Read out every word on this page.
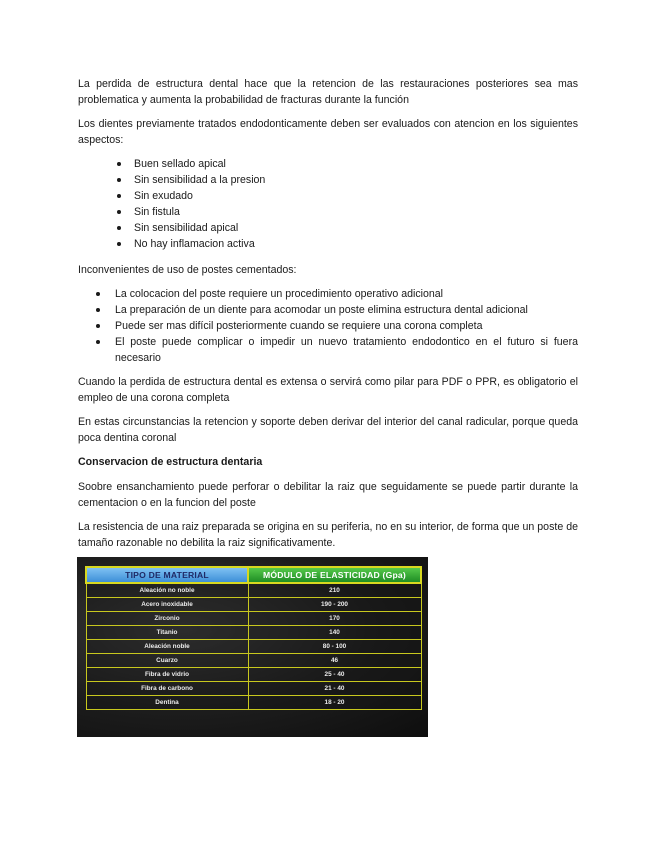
La perdida de estructura dental hace que la retencion de las restauraciones posteriores sea mas problematica y aumenta la probabilidad de fracturas durante la función

Los dientes previamente tratados endodonticamente deben ser evaluados con atencion en los siguientes aspectos:

Buen sellado apical
Sin sensibilidad a la presion
Sin exudado
Sin fistula
Sin sensibilidad apical
No hay inflamacion activa

Inconvenientes de uso de postes cementados:

La colocacion del poste requiere un procedimiento operativo adicional
La preparación de un diente para acomodar un poste elimina estructura dental adicional
Puede ser mas difícil posteriormente cuando se requiere una corona completa
El poste puede complicar o impedir un nuevo tratamiento endodontico en el futuro si fuera necesario

Cuando la perdida de estructura dental es extensa o servirá como pilar para PDF o PPR, es obligatorio el empleo de una corona completa

En estas circunstancias la retencion y soporte deben derivar del interior del canal radicular, porque queda poca dentina coronal

Conservacion de estructura dentaria

Soobre ensanchamiento puede perforar o debilitar la raiz que seguidamente se puede partir durante la cementacion o en la funcion del poste

La resistencia de una raiz preparada se origina en su periferia, no en su interior, de forma que un poste de tamaño razonable no debilita la raiz significativamente.

TIPO DE MATERIAL	MÓDULO DE ELASTICIDAD (Gpa)
Aleación no noble	210
Acero inoxidable	190 - 200
Zirconio	170
Titanio	140
Aleación noble	80 - 100
Cuarzo	46
Fibra de vidrio	25 - 40
Fibra de carbono	21 - 40
Dentina	18 - 20
